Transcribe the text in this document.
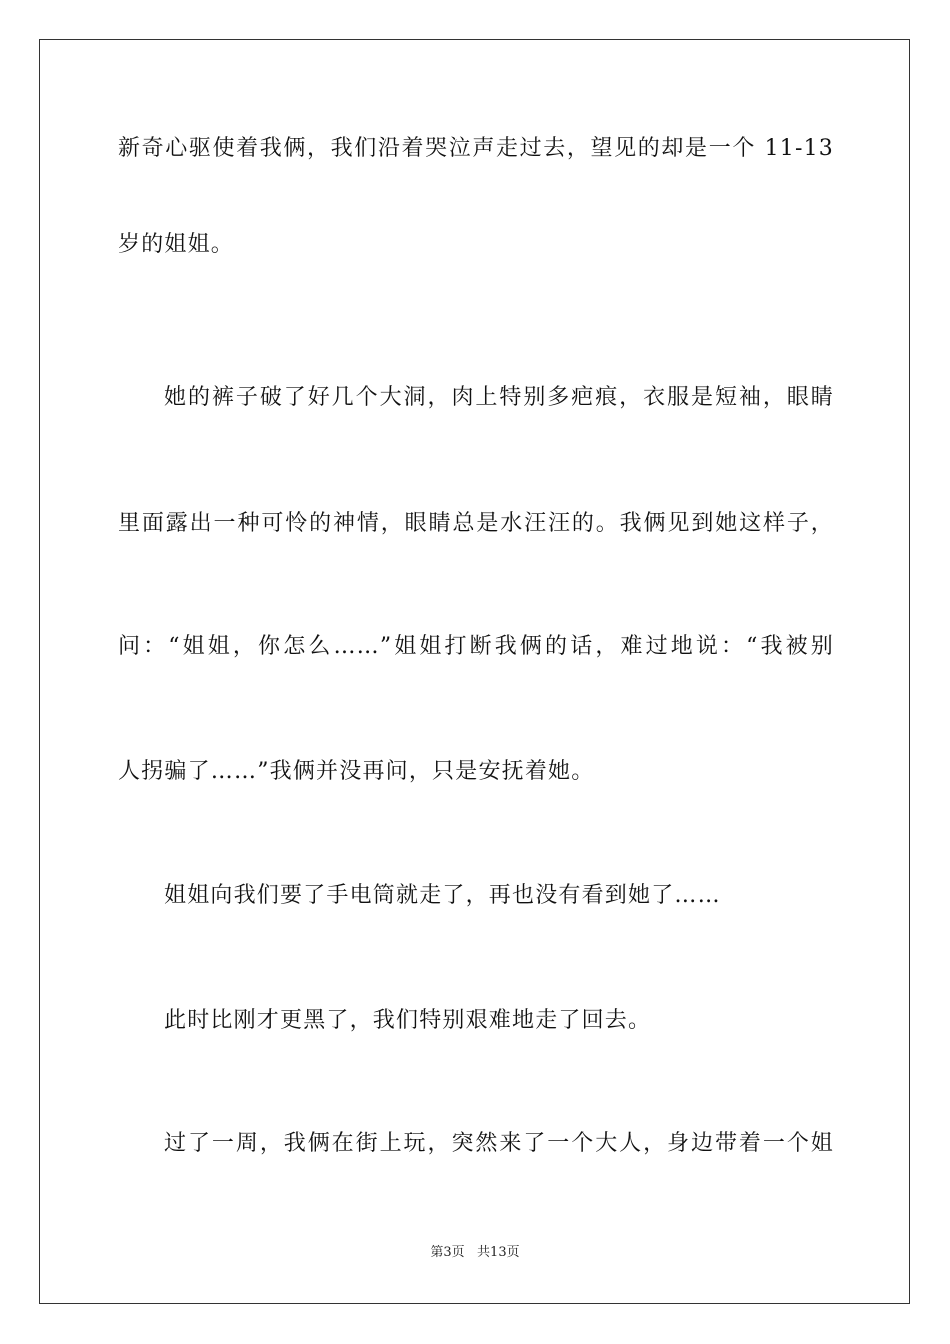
新奇心驱使着我俩，我们沿着哭泣声走过去，望见的却是一个 11-13
岁的姐姐。
她的裤子破了好几个大洞，肉上特别多疤痕，衣服是短袖，眼睛
里面露出一种可怜的神情，眼睛总是水汪汪的。我俩见到她这样子，
问：“姐姐，你怎么……”姐姐打断我俩的话，难过地说：“我被别
人拐骗了……”我俩并没再问，只是安抚着她。
姐姐向我们要了手电筒就走了，再也没有看到她了……
此时比刚才更黑了，我们特别艰难地走了回去。
过了一周，我俩在街上玩，突然来了一个大人，身边带着一个姐
第3页   共13页
